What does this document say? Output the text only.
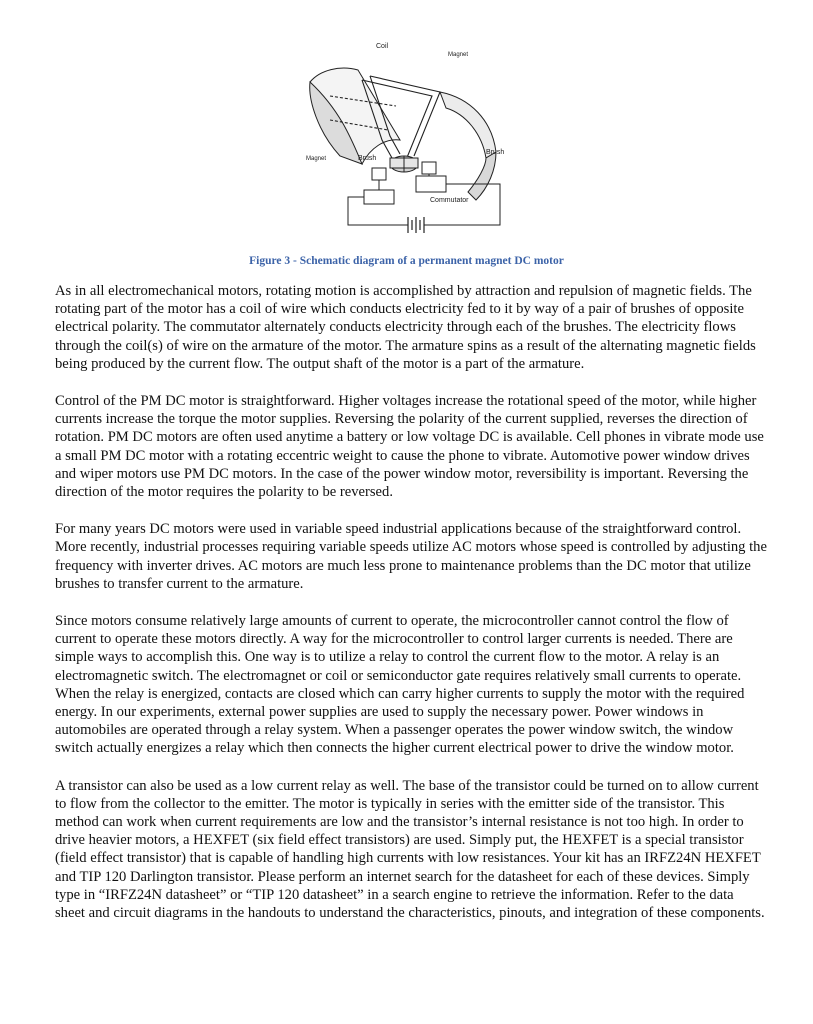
Coil
Magnet
Magnet	Brush
Brush
Commutator
Figure 3 - Schematic diagram of a permanent magnet DC motor

As in all electromechanical motors, rotating motion is accomplished by attraction and repulsion of magnetic fields. The rotating part of the motor has a coil of wire which conducts electricity fed to it by way of a pair of brushes of opposite electrical polarity. The commutator alternately conducts electricity through each of the brushes. The electricity flows through the coil(s) of wire on the armature of the motor. The armature spins as a result of the alternating magnetic fields being produced by the current flow. The output shaft of the motor is a part of the armature.

Control of the PM DC motor is straightforward. Higher voltages increase the rotational speed of the motor, while higher currents increase the torque the motor supplies. Reversing the polarity of the current supplied, reverses the direction of rotation. PM DC motors are often used anytime a battery or low voltage DC is available. Cell phones in vibrate mode use a small PM DC motor with a rotating eccentric weight to cause the phone to vibrate. Automotive power window drives and wiper motors use PM DC motors. In the case of the power window motor, reversibility is important. Reversing the direction of the motor requires the polarity to be reversed.

For many years DC motors were used in variable speed industrial applications because of the straightforward control. More recently, industrial processes requiring variable speeds utilize AC motors whose speed is controlled by adjusting the frequency with inverter drives. AC motors are much less prone to maintenance problems than the DC motor that utilize brushes to transfer current to the armature.

Since motors consume relatively large amounts of current to operate, the microcontroller cannot control the flow of current to operate these motors directly. A way for the microcontroller to control larger currents is needed. There are simple ways to accomplish this. One way is to utilize a relay to control the current flow to the motor. A relay is an electromagnetic switch. The electromagnet or coil or semiconductor gate requires relatively small currents to operate. When the relay is energized, contacts are closed which can carry higher currents to supply the motor with the required energy. In our experiments, external power supplies are used to supply the necessary power. Power windows in automobiles are operated through a relay system. When a passenger operates the power window switch, the window switch actually energizes a relay which then connects the higher current electrical power to drive the window motor.

A transistor can also be used as a low current relay as well. The base of the transistor could be turned on to allow current to flow from the collector to the emitter. The motor is typically in series with the emitter side of the transistor. This method can work when current requirements are low and the transistor’s internal resistance is not too high. In order to drive heavier motors, a HEXFET (six field effect transistors) are used. Simply put, the HEXFET is a special transistor (field effect transistor) that is capable of handling high currents with low resistances. Your kit has an IRFZ24N HEXFET and TIP 120 Darlington transistor. Please perform an internet search for the datasheet for each of these devices. Simply type in “IRFZ24N datasheet” or “TIP 120 datasheet” in a search engine to retrieve the information. Refer to the data sheet and circuit diagrams in the handouts to understand the characteristics, pinouts, and integration of these components.
